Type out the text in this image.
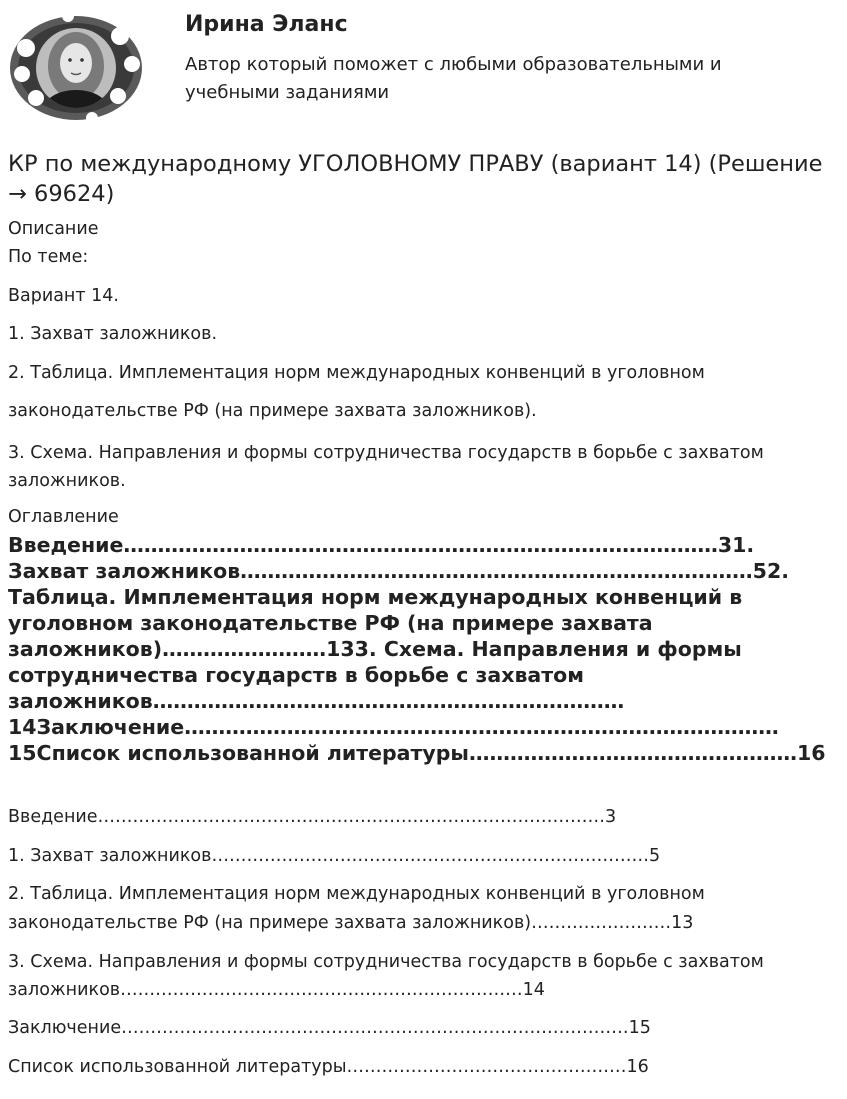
Ирина Эланс
Автор который поможет с любыми образовательными и учебными заданиями
КР по международному УГОЛОВНОМУ ПРАВУ (вариант 14) (Решение → 69624)
Описание
По теме:
Вариант 14.
1. Захват заложников.
2. Таблица. Имплементация норм международных конвенций в уголовном
законодательстве РФ (на примере захвата заложников).
3. Схема. Направления и формы сотрудничества государств в борьбе с захватом заложников.
Оглавление
Введение……………………………………………………………………………31. Захват заложников…………………………………………………………………52. Таблица. Имплементация норм международных конвенций в уголовном законодательстве РФ (на примере захвата заложников)……………………133. Схема. Направления и формы сотрудничества государств в борьбе с захватом заложников…………………………………………………………… 14Заключение…………………………………………………………………………… 15Список использованной литературы…………………………………………16
Введение……………………………………………………………………………3
1. Захват заложников…………………………………………………………………5
2. Таблица. Имплементация норм международных конвенций в уголовном
законодательстве РФ (на примере захвата заложников)……………………13
3. Схема. Направления и формы сотрудничества государств в борьбе с захватом
заложников……………………………………………………………14
Заключение……………………………………………………………………………15
Список использованной литературы…………………………………………16
